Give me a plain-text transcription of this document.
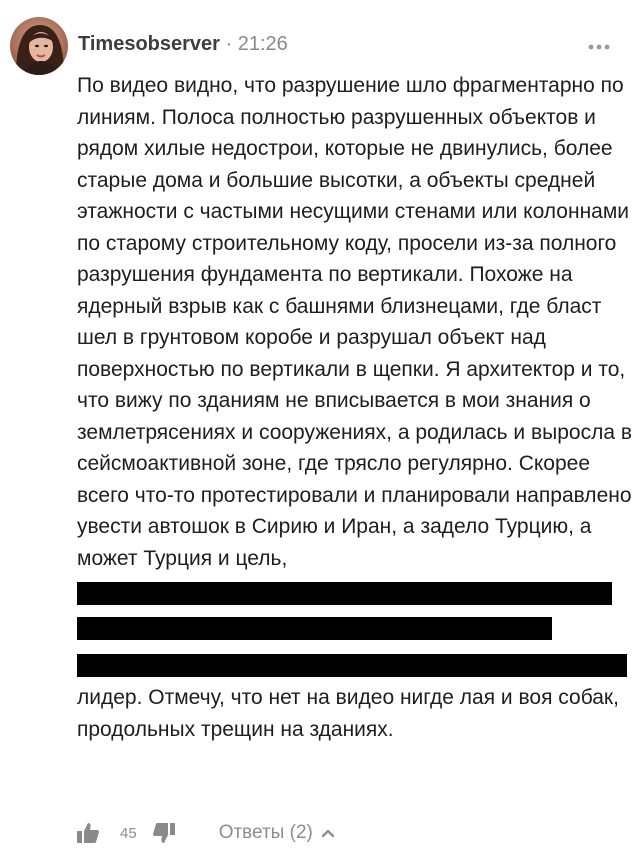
Timesobserver · 21:26

По видео видно, что разрушение шло фрагментарно по линиям. Полоса полностью разрушенных объектов и рядом хилые недострои, которые не двинулись, более старые дома и большие высотки, а объекты средней этажности с частыми несущими стенами или колоннами по старому строительному коду, просели из-за полного разрушения фундамента по вертикали. Похоже на ядерный взрыв как с башнями близнецами, где бласт шел в грунтовом коробе и разрушал объект над поверхностью по вертикали в щепки. Я архитектор и то, что вижу по зданиям не вписывается в мои знания о землетрясениях и сооружениях, а родилась и выросла в сейсмоактивной зоне, где трясло регулярно. Скорее всего что-то протестировали и планировали направлено увести автошок в Сирию и Иран, а задело Турцию, а может Турция и цель,

лидер. Отмечу, что нет на видео нигде лая и воя собак, продольных трещин на зданиях.

45	Ответы (2)
